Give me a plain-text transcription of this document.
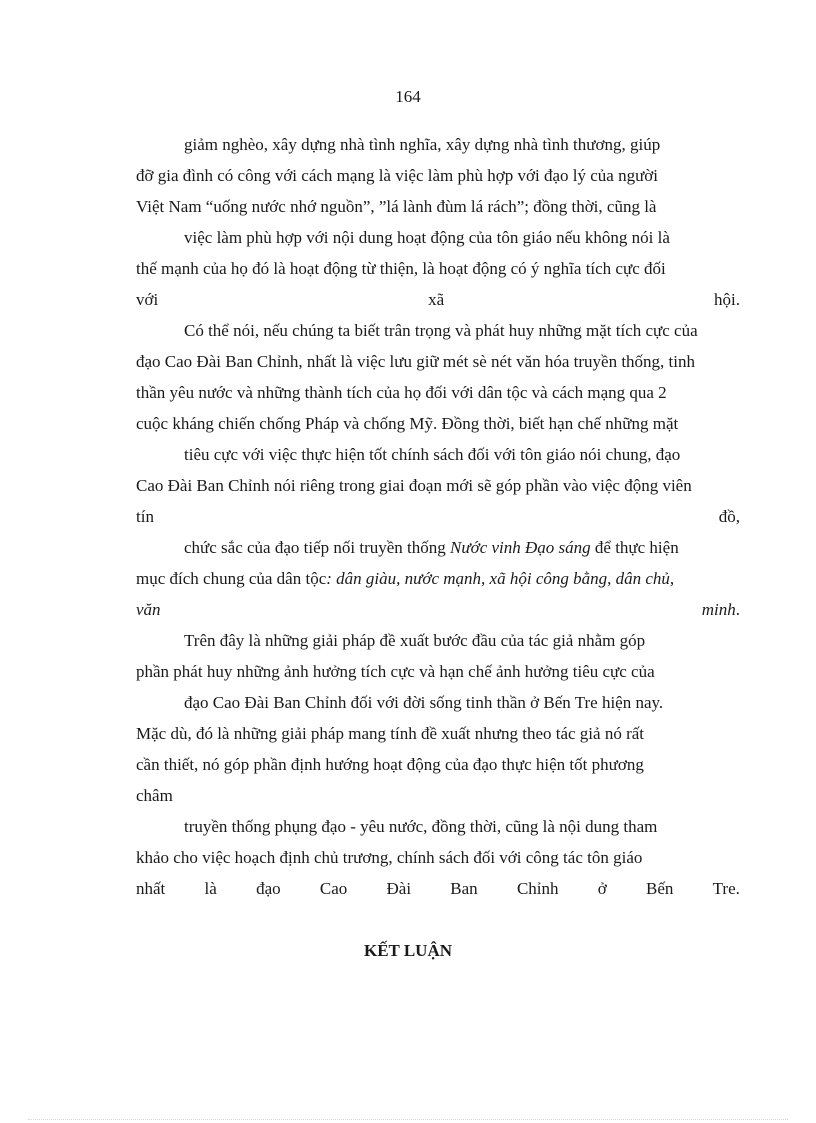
164
giảm nghèo, xây dựng nhà tình nghĩa, xây dựng nhà tình thương, giúp
đỡ gia đình có công với cách mạng là việc làm phù hợp với đạo lý của người
Việt Nam “uống nước nhớ nguồn”, ”lá lành đùm lá rách”; đồng thời, cũng là
việc làm phù hợp với nội dung hoạt động của tôn giáo nếu không nói là
thế mạnh của họ đó là hoạt động từ thiện, là hoạt động có ý nghĩa tích cực đối
với	xã	hội.
Có thể nói, nếu chúng ta biết trân trọng và phát huy những mặt tích cực của
đạo Cao Đài Ban Chỉnh, nhất là việc lưu giữ mét sè nét văn hóa truyền thống, tinh
thần yêu nước và những thành tích của họ đối với dân tộc và cách mạng qua 2
cuộc kháng chiến chống Pháp và chống Mỹ. Đồng thời, biết hạn chế những mặt
tiêu cực với việc thực hiện tốt chính sách đối với tôn giáo nói chung, đạo
Cao Đài Ban Chỉnh nói riêng trong giai đoạn mới sẽ góp phần vào việc động viên
tín	đồ,
chức sắc của đạo tiếp nối truyền thống Nước vinh Đạo sáng để thực hiện
mục đích chung của dân tộc: dân giàu, nước mạnh, xã hội công bằng, dân chủ,
văn	minh.
Trên đây là những giải pháp đề xuất bước đầu của tác giả nhằm góp
phần phát huy những ảnh hưởng tích cực và hạn chế ảnh hưởng tiêu cực của
đạo Cao Đài Ban Chỉnh đối với đời sống tinh thần ở Bến Tre hiện nay.
Mặc dù, đó là những giải pháp mang tính đề xuất nhưng theo tác giả nó rất
cần thiết, nó góp phần định hướng hoạt động của đạo thực hiện tốt phương
châm
truyền thống phụng đạo - yêu nước, đồng thời, cũng là nội dung tham
khảo cho việc hoạch định chủ trương, chính sách đối với công tác tôn giáo
nhất là đạo Cao Đài Ban Chỉnh ở Bến Tre.
KẾT LUẬN
